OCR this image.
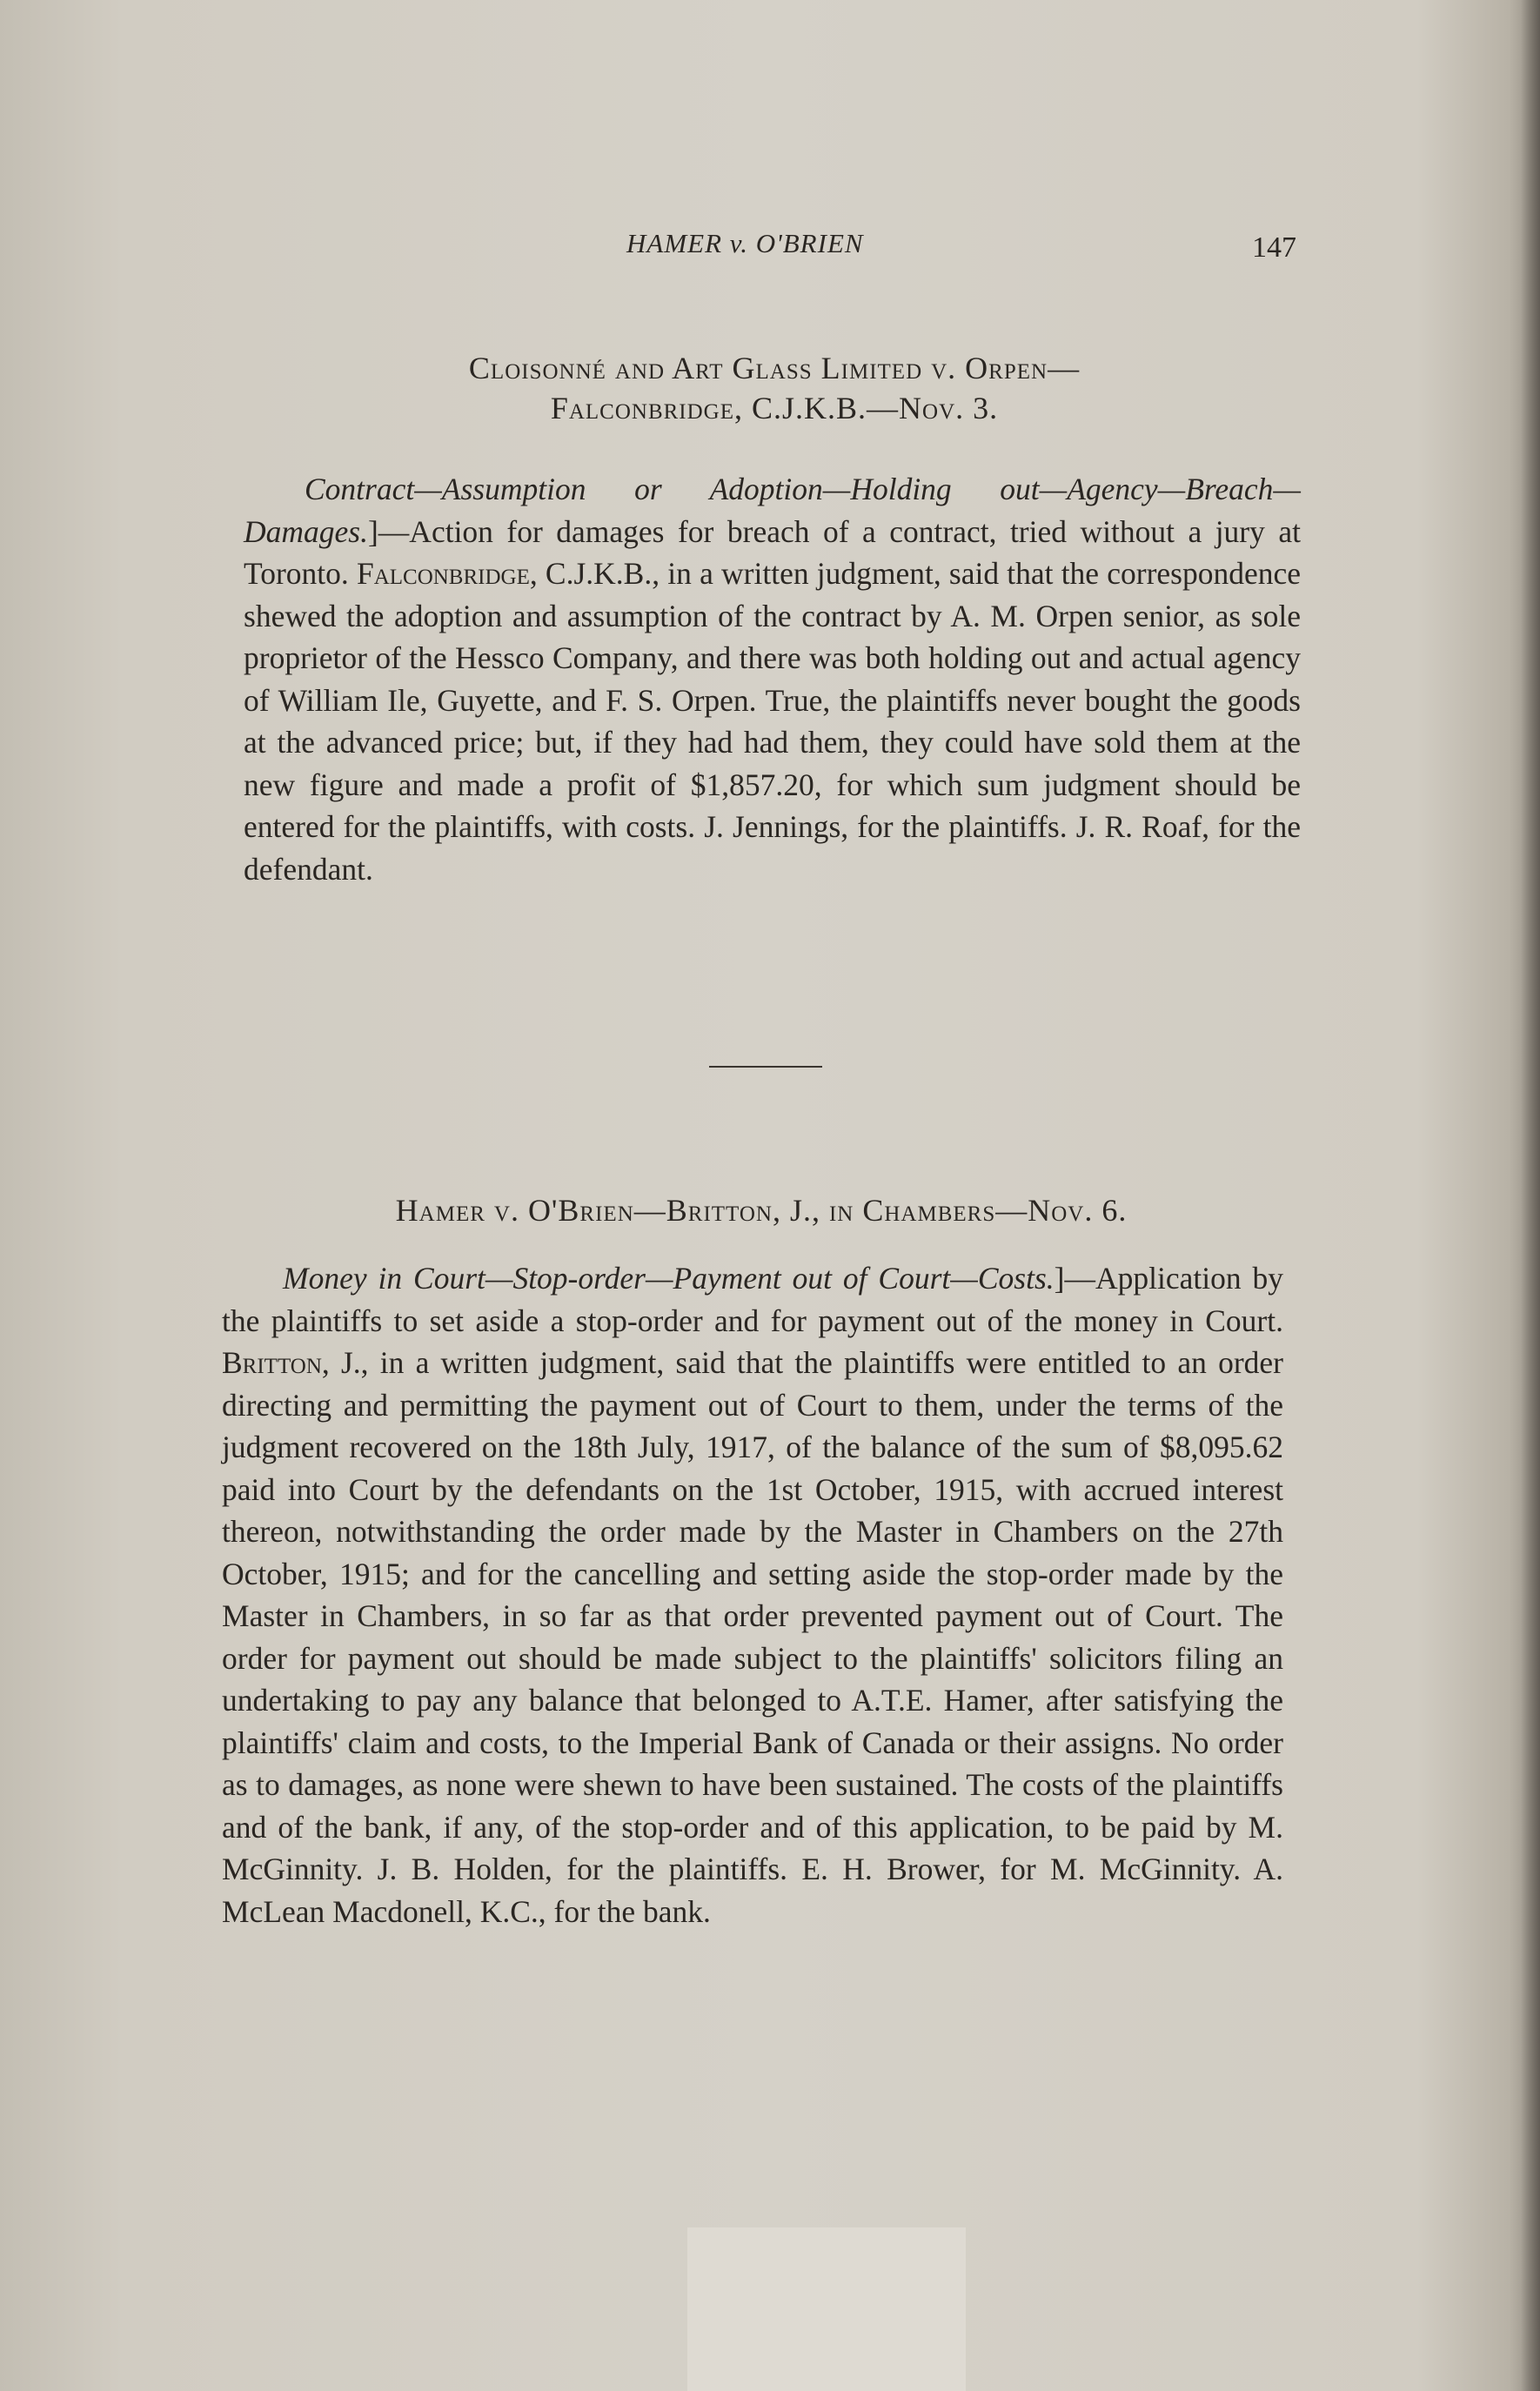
HAMER v. O'BRIEN	147
Cloisonné and Art Glass Limited v. Orpen—
Falconbridge, C.J.K.B.—Nov. 3.

Contract—Assumption or Adoption—Holding out—Agency—Breach—Damages.]—Action for damages for breach of a contract, tried without a jury at Toronto. Falconbridge, C.J.K.B., in a written judgment, said that the correspondence shewed the adoption and assumption of the contract by A. M. Orpen senior, as sole proprietor of the Hessco Company, and there was both holding out and actual agency of William Ile, Guyette, and F. S. Orpen. True, the plaintiffs never bought the goods at the advanced price; but, if they had had them, they could have sold them at the new figure and made a profit of $1,857.20, for which sum judgment should be entered for the plaintiffs, with costs. J. Jennings, for the plaintiffs. J. R. Roaf, for the defendant.

Hamer v. O'Brien—Britton, J., in Chambers—Nov. 6.

Money in Court—Stop-order—Payment out of Court—Costs.]—Application by the plaintiffs to set aside a stop-order and for payment out of the money in Court. Britton, J., in a written judgment, said that the plaintiffs were entitled to an order directing and permitting the payment out of Court to them, under the terms of the judgment recovered on the 18th July, 1917, of the balance of the sum of $8,095.62 paid into Court by the defendants on the 1st October, 1915, with accrued interest thereon, notwithstanding the order made by the Master in Chambers on the 27th October, 1915; and for the cancelling and setting aside the stop-order made by the Master in Chambers, in so far as that order prevented payment out of Court. The order for payment out should be made subject to the plaintiffs' solicitors filing an undertaking to pay any balance that belonged to A.T.E. Hamer, after satisfying the plaintiffs' claim and costs, to the Imperial Bank of Canada or their assigns. No order as to damages, as none were shewn to have been sustained. The costs of the plaintiffs and of the bank, if any, of the stop-order and of this application, to be paid by M. McGinnity. J. B. Holden, for the plaintiffs. E. H. Brower, for M. McGinnity. A. McLean Macdonell, K.C., for the bank.
